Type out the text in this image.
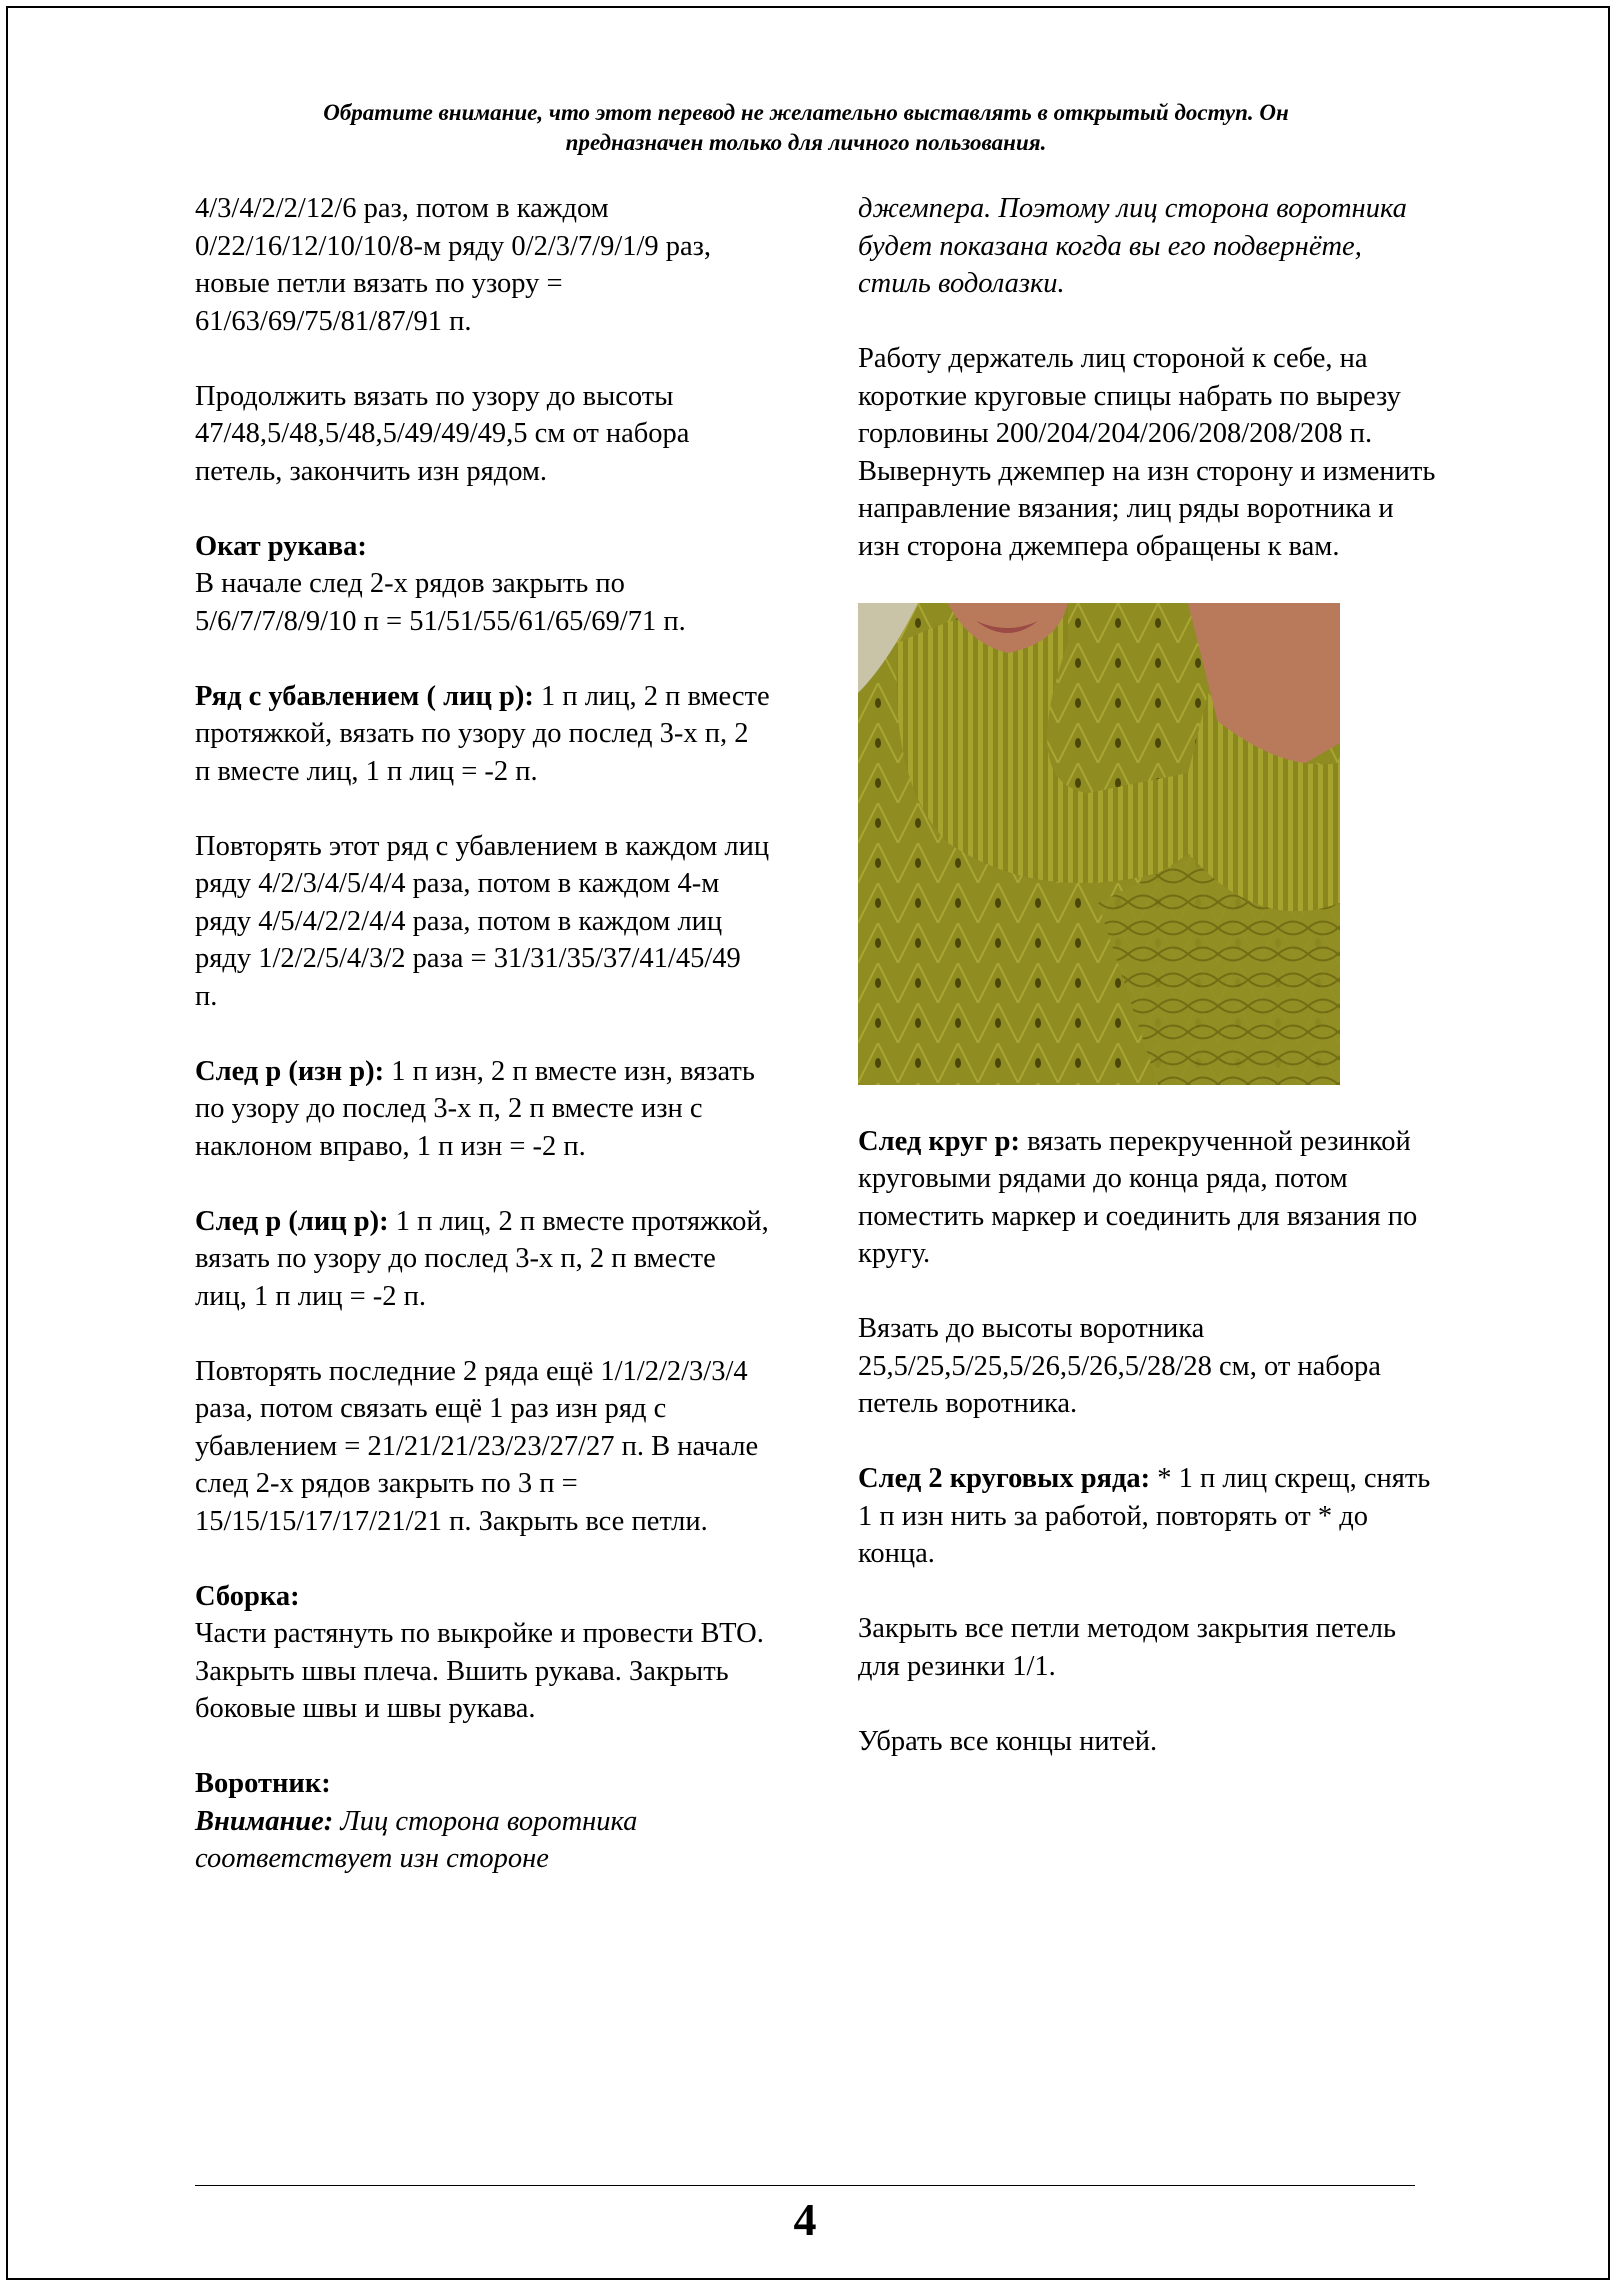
Обратите внимание, что этот перевод не желательно выставлять в открытый доступ. Он
предназначен только для личного пользования.

4/3/4/2/2/12/6 раз, потом в каждом 0/22/16/12/10/10/8-м ряду 0/2/3/7/9/1/9 раз, новые петли вязать по узору = 61/63/69/75/81/87/91 п.

Продолжить вязать по узору до высоты 47/48,5/48,5/48,5/49/49/49,5 см от набора петель, закончить изн рядом.

Окат рукава:

В начале след 2-х рядов закрыть по 5/6/7/7/8/9/10 п = 51/51/55/61/65/69/71 п.

Ряд с убавлением ( лиц р): 1 п лиц, 2 п вместе протяжкой, вязать по узору до послед 3-х п, 2 п вместе лиц, 1 п лиц = -2 п.

Повторять этот ряд с убавлением в каждом лиц ряду 4/2/3/4/5/4/4 раза, потом в каждом 4-м ряду 4/5/4/2/2/4/4 раза, потом в каждом лиц ряду 1/2/2/5/4/3/2 раза = 31/31/35/37/41/45/49 п.

След р (изн р): 1 п изн, 2 п вместе изн, вязать по узору до послед 3-х п, 2 п вместе изн с наклоном вправо, 1 п изн = -2 п.

След р (лиц р): 1 п лиц, 2 п вместе протяжкой, вязать по узору до послед 3-х п, 2 п вместе лиц, 1 п лиц = -2 п.

Повторять последние 2 ряда ещё 1/1/2/2/3/3/4 раза, потом связать ещё 1 раз изн ряд с убавлением = 21/21/21/23/23/27/27 п. В начале след 2-х рядов закрыть по 3 п = 15/15/15/17/17/21/21 п. Закрыть все петли.

Сборка:

Части растянуть по выкройке и провести ВТО. Закрыть швы плеча. Вшить рукава. Закрыть боковые швы и швы рукава.

Воротник:

Внимание: Лиц сторона воротника соответствует изн стороне

джемпера. Поэтому лиц сторона воротника будет показана когда вы его подвернёте, стиль водолазки.

Работу держатель лиц стороной к себе, на короткие круговые спицы набрать по вырезу горловины 200/204/204/206/208/208/208 п. Вывернуть джемпер на изн сторону и изменить направление вязания; лиц ряды воротника и изн сторона джемпера обращены к вам.

След круг р: вязать перекрученной резинкой круговыми рядами до конца ряда, потом поместить маркер и соединить для вязания по кругу.

Вязать до высоты воротника 25,5/25,5/25,5/26,5/26,5/28/28 см, от набора петель воротника.

След 2 круговых ряда: * 1 п лиц скрещ, снять 1 п изн нить за работой, повторять от * до конца.

Закрыть все петли методом закрытия петель для резинки 1/1.

Убрать все концы нитей.

4
